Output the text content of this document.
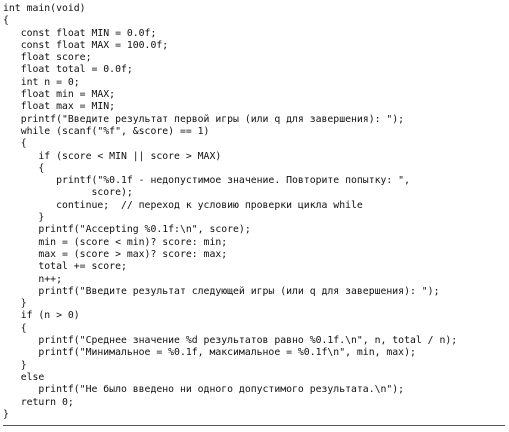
int main(void)
{
const float MIN = 0.0f;
const float MAX = 100.0f;
float score;
float total = 0.0f;
int n = 0;
float min = MAX;
float max = MIN;
printf("Введите результат первой игры (или q для завершения): ");
while (scanf("%f", &score) == 1)
{
if (score < MIN || score > MAX)
{
printf("%0.1f - недопустимое значение. Повторите попытку: ",
score);
continue;  // переход к условию проверки цикла while
}
printf("Accepting %0.1f:\n", score);
min = (score < min)? score: min;
max = (score > max)? score: max;
total += score;
n++;
printf("Введите результат следующей игры (или q для завершения): ");
}
if (n > 0)
{
printf("Среднее значение %d результатов равно %0.1f.\n", n, total / n);
printf("Минимальное = %0.1f, максимальное = %0.1f\n", min, max);
}
else
printf("Не было введено ни одного допустимого результата.\n");
return 0;
}
